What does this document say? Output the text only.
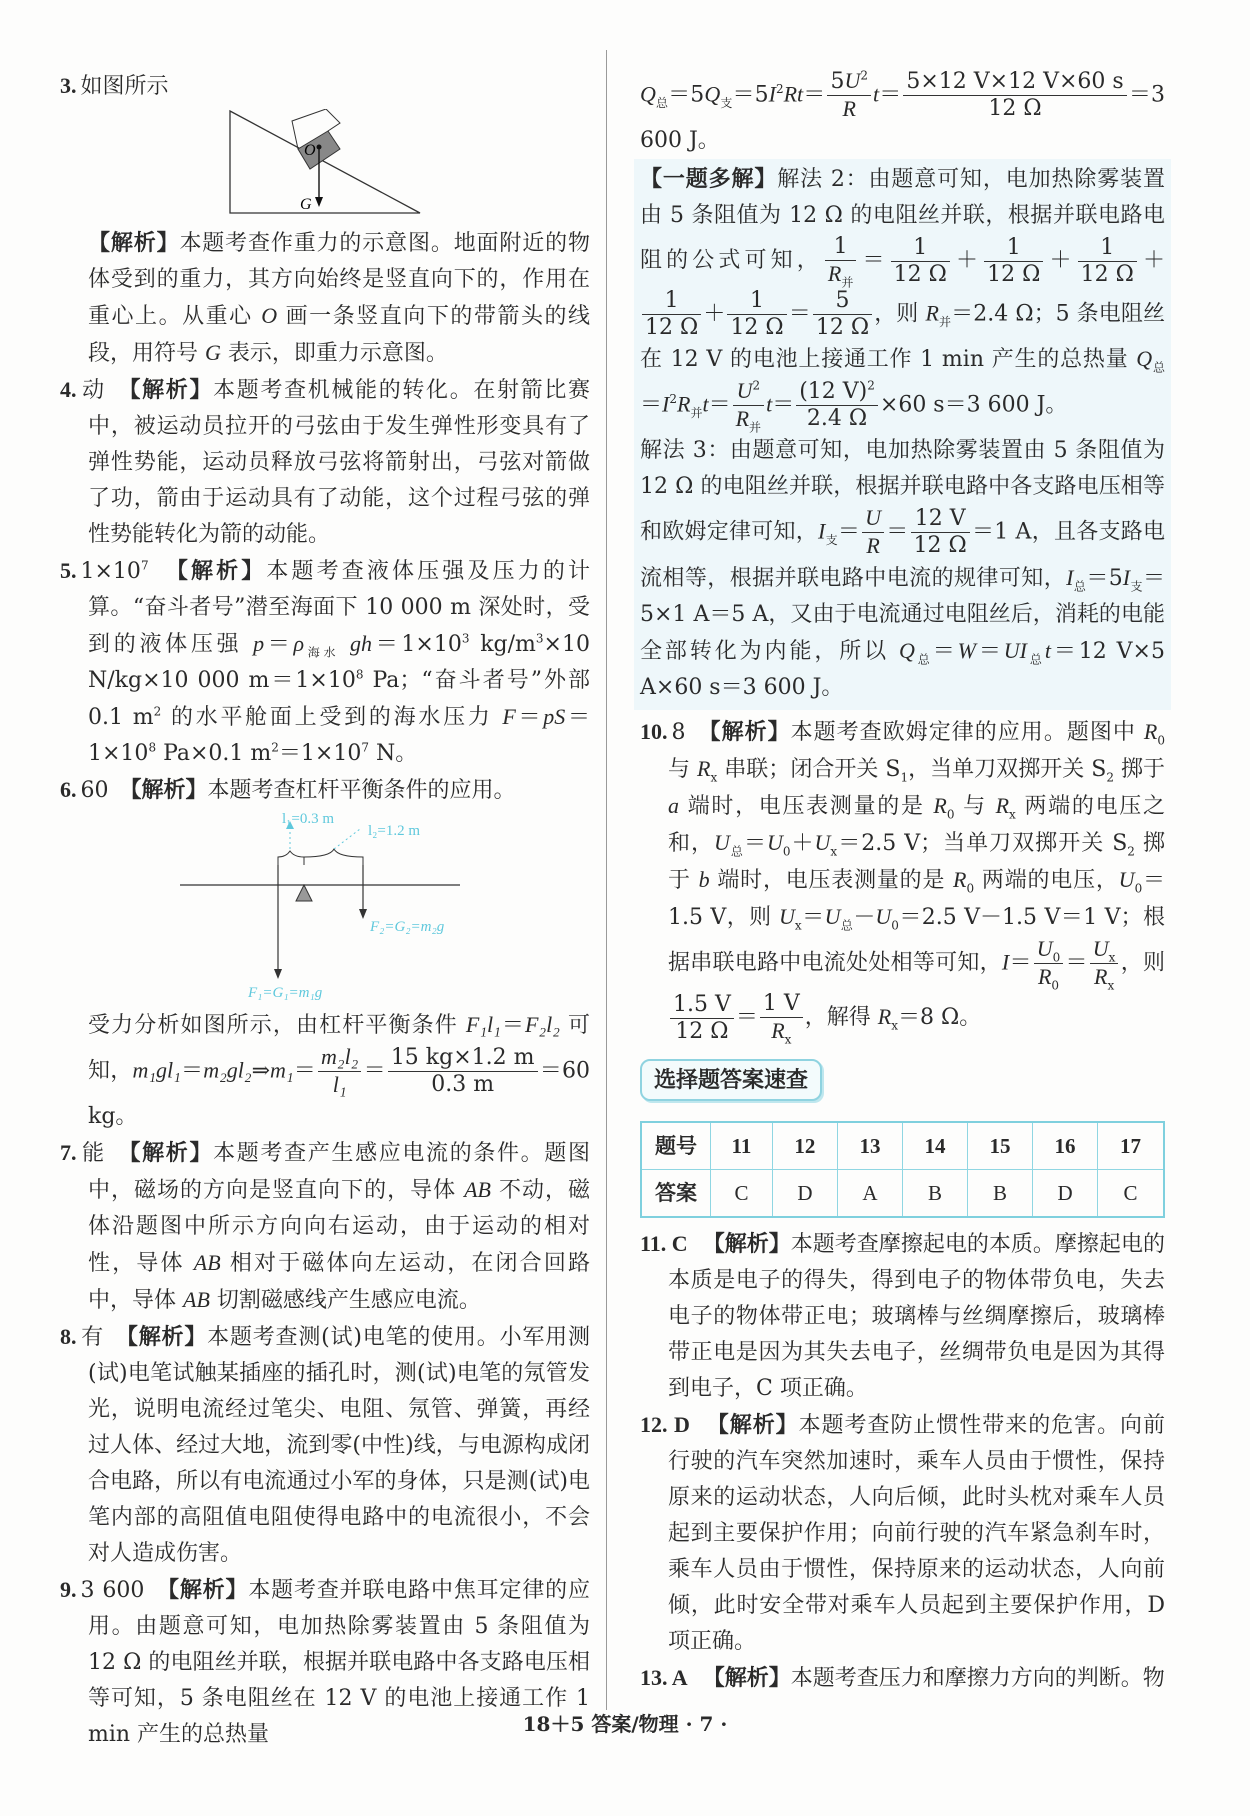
3. 如图所示
O
G
【解析】本题考查作重力的示意图。地面附近的物体受到的重力，其方向始终是竖直向下的，作用在重心上。从重心 O 画一条竖直向下的带箭头的线段，用符号 G 表示，即重力示意图。
4. 动　【解析】本题考查机械能的转化。在射箭比赛中，被运动员拉开的弓弦由于发生弹性形变具有了弹性势能，运动员释放弓弦将箭射出，弓弦对箭做了功，箭由于运动具有了动能，这个过程弓弦的弹性势能转化为箭的动能。
5. $1\times 10^7$　 【解析】本题考查液体压强及压力的计算。“奋斗者号”潜至海面下 10 000 m 深处时，受到的液体压强 $p=\rho_{海水}$ $gh=1\times 10^3$ $kg/m^3\times 10$ N/kg×10 000 $m=1\times 10^8$ Pa；“奋斗者号”外部 0.1 $m^2$ 的水平舱面上受到的海水压力 $F=pS=1\times 10^8$ Pa×0.1 $m^2=1\times 10^7$ N。
6. 60　【解析】本题考查杠杆平衡条件的应用。
l₁=0.3 m
l₂=1.2 m
F₂=G₂=m₂g
F₁=G₁=m₁g
受力分析如图所示，由杠杆平衡条件 F₁l₁＝F₂l₂ 可知，m₁gl₁＝m₂gl₂⇒m₁＝ $\frac{\text{m₂l₂}}{\text{l₁}} = \frac{15 kg\times 1.2 m}{0.3 m} =60$ kg。
7. 能　【解析】本题考查产生感应电流的条件。题图中，磁场的方向是竖直向下的，导体 AB 不动，磁体沿题图中所示方向向右运动，由于运动的相对性，导体 AB 相对于磁体向左运动，在闭合回路中，导体 AB 切割磁感线产生感应电流。
8. 有　【解析】本题考查测(试)电笔的使用。小军用测(试)电笔试触某插座的插孔时，测(试)电笔的氖管发光，说明电流经过笔尖、电阻、氖管、弹簧，再经过人体、经过大地，流到零(中性)线，与电源构成闭合电路，所以有电流通过小军的身体，只是测(试)电笔内部的高阻值电阻使得电路中的电流很小，不会对人造成伤害。
9. 3 600　【解析】本题考查并联电路中焦耳定律的应用。由题意可知，电加热除雾装置由 5 条阻值为 12 Ω 的电阻丝并联，根据并联电路中各支路电压相等可知，5 条电阻丝在 12 V 的电池上接通工作 1 min 产生的总热量
$Q_总=5Q_支=5I^2Rt= \frac{5U^2}{R} t= \frac{5\times 12 V\times 12 V\times 60 s}{12 \Omega} =3$ 600 J。
【一题多解】解法 2：由题意可知，电加热除雾装置由 5 条阻值为 12 Ω 的电阻丝并联，根据并联电路电阻的公式可知， $\frac{1}{R_并} = \frac{1}{12 \Omega} + \frac{1}{12 \Omega} + \frac{1}{12 \Omega}$ ＋
$\frac{1}{12 \Omega} + \frac{1}{12 \Omega} = \frac{5}{12 \Omega}$ ，则 $R_并=2.4$ Ω；5 条电阻丝在 12 V 的电池上接通工作 1 min 产生的总热量 $Q_总=I^2R_并t= \frac{U^2}{R_并} t= \frac{(12 V)^2}{2.4 \Omega} \times 60$ s＝3 600 J。
解法 3：由题意可知，电加热除雾装置由 5 条阻值为 12 Ω 的电阻丝并联，根据并联电路中各支路电压相等和欧姆定律可知，$I_支= \frac{U}{R} = \frac{12 V}{12 \Omega} =1$ A，且各支路电流相等，根据并联电路中电流的规律可知，$I_总=5I_支=5\times 1$ A＝5 A，又由于电流通过电阻丝后，消耗的电能全部转化为内能，所以 $Q_总=W=UI_总t=12$ V×5 A×60 s＝3 600 J。
10. 8　【解析】本题考查欧姆定律的应用。题图中 $R_0$ 与 $R_x$ 串联；闭合开关 $S_1$，当单刀双掷开关 $S_2$ 掷于 a 端时，电压表测量的是 $R_0$ 与 $R_x$ 两端的电压之和，$U_总=U_0+U_x=2.5$ V；当单刀双掷开关 $S_2$ 掷于 b 端时，电压表测量的是 $R_0$ 两端的电压，$U_0=1.5$ V，则 $U_x=U_总-U_0=2.5$ V－1.5 V＝1 V；根据串联电路中电流处处相等可知，$I= \frac{U_0}{R_0} = \frac{U_x}{R_x}$ ，则
$\frac{1.5 V}{12 \Omega} = \frac{1 V}{R_x}$ ，解得 $R_x=8$ Ω。
选择题答案速查
题号	11	12	13	14	15	16	17
答案	C	D	A	B	B	D	C
11. C　 【解析】本题考查摩擦起电的本质。摩擦起电的本质是电子的得失，得到电子的物体带负电，失去电子的物体带正电；玻璃棒与丝绸摩擦后，玻璃棒带正电是因为其失去电子，丝绸带负电是因为其得到电子，C 项正确。
12. D　 【解析】本题考查防止惯性带来的危害。向前行驶的汽车突然加速时，乘车人员由于惯性，保持原来的运动状态，人向后倾，此时头枕对乘车人员起到主要保护作用；向前行驶的汽车紧急刹车时，乘车人员由于惯性，保持原来的运动状态，人向前倾，此时安全带对乘车人员起到主要保护作用，D 项正确。
13. A　 【解析】本题考查压力和摩擦力方向的判断。物
18＋5 答案/物理 · 7 ·
